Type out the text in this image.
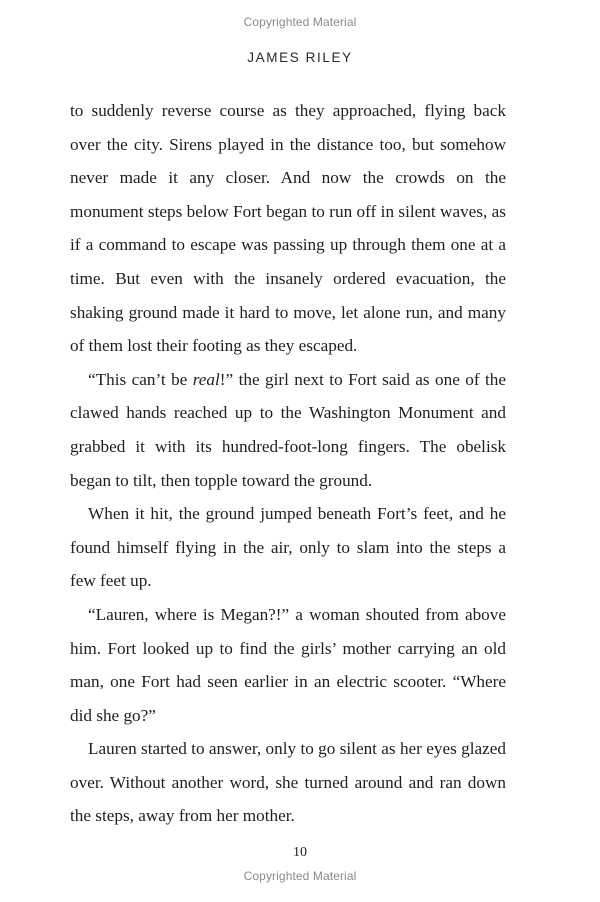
Copyrighted Material
JAMES RILEY

to suddenly reverse course as they approached, flying back over the city. Sirens played in the distance too, but somehow never made it any closer. And now the crowds on the monument steps below Fort began to run off in silent waves, as if a command to escape was passing up through them one at a time. But even with the insanely ordered evacuation, the shaking ground made it hard to move, let alone run, and many of them lost their footing as they escaped.

“This can’t be real!” the girl next to Fort said as one of the clawed hands reached up to the Washington Monument and grabbed it with its hundred-foot-long fingers. The obelisk began to tilt, then topple toward the ground.

When it hit, the ground jumped beneath Fort’s feet, and he found himself flying in the air, only to slam into the steps a few feet up.

“Lauren, where is Megan?!” a woman shouted from above him. Fort looked up to find the girls’ mother carrying an old man, one Fort had seen earlier in an electric scooter. “Where did she go?”

Lauren started to answer, only to go silent as her eyes glazed over. Without another word, she turned around and ran down the steps, away from her mother.

10
Copyrighted Material
